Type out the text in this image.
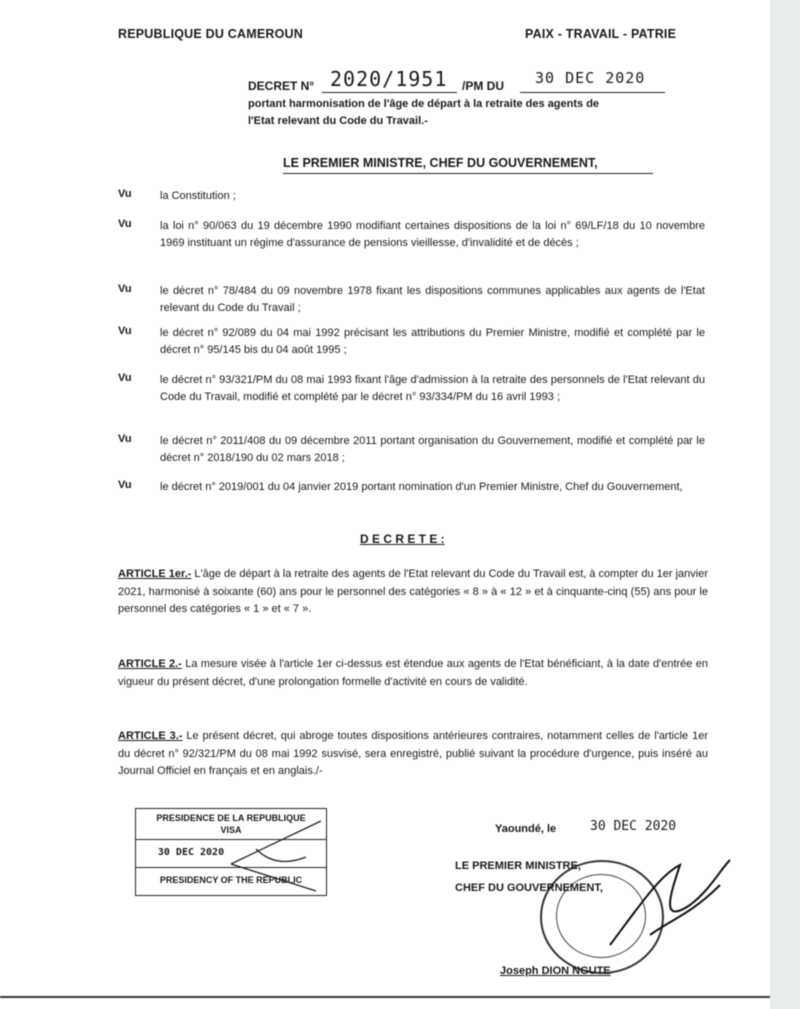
REPUBLIQUE DU CAMEROUN	PAIX - TRAVAIL - PATRIE
DECRET N° 2020/1951 /PM DU 30 DEC 2020
portant harmonisation de l'âge de départ à la retraite des agents de
l'Etat relevant du Code du Travail.-
LE PREMIER MINISTRE, CHEF DU GOUVERNEMENT,
Vu	la Constitution ;
Vu	la loi n° 90/063 du 19 décembre 1990 modifiant certaines dispositions de la loi n° 69/LF/18 du 10 novembre 1969 instituant un régime d'assurance de pensions vieillesse, d'invalidité et de décès ;
Vu	le décret n° 78/484 du 09 novembre 1978 fixant les dispositions communes applicables aux agents de l'Etat relevant du Code du Travail ;
Vu	le décret n° 92/089 du 04 mai 1992 précisant les attributions du Premier Ministre, modifié et complété par le décret n° 95/145 bis du 04 août 1995 ;
Vu	le décret n° 93/321/PM du 08 mai 1993 fixant l'âge d'admission à la retraite des personnels de l'Etat relevant du Code du Travail, modifié et complété par le décret n° 93/334/PM du 16 avril 1993 ;
Vu	le décret n° 2011/408 du 09 décembre 2011 portant organisation du Gouvernement, modifié et complété par le décret n° 2018/190 du 02 mars 2018 ;
Vu	le décret n° 2019/001 du 04 janvier 2019 portant nomination d'un Premier Ministre, Chef du Gouvernement,
D E C R E T E :
ARTICLE 1er.- L'âge de départ à la retraite des agents de l'Etat relevant du Code du Travail est, à compter du 1er janvier 2021, harmonisé à soixante (60) ans pour le personnel des catégories « 8 » à « 12 » et à cinquante-cinq (55) ans pour le personnel des catégories « 1 » et « 7 ».
ARTICLE 2.- La mesure visée à l'article 1er ci-dessus est étendue aux agents de l'Etat bénéficiant, à la date d'entrée en vigueur du présent décret, d'une prolongation formelle d'activité en cours de validité.
ARTICLE 3.- Le présent décret, qui abroge toutes dispositions antérieures contraires, notamment celles de l'article 1er du décret n° 92/321/PM du 08 mai 1992 susvisé, sera enregistré, publié suivant la procédure d'urgence, puis inséré au Journal Officiel en français et en anglais./-
PRESIDENCE DE LA REPUBLIQUE
VISA
30 DEC 2020
PRESIDENCY OF THE REPUBLIC
Yaoundé, le	30 DEC 2020
LE PREMIER MINISTRE,
CHEF DU GOUVERNEMENT,
Joseph DION NGUTE
